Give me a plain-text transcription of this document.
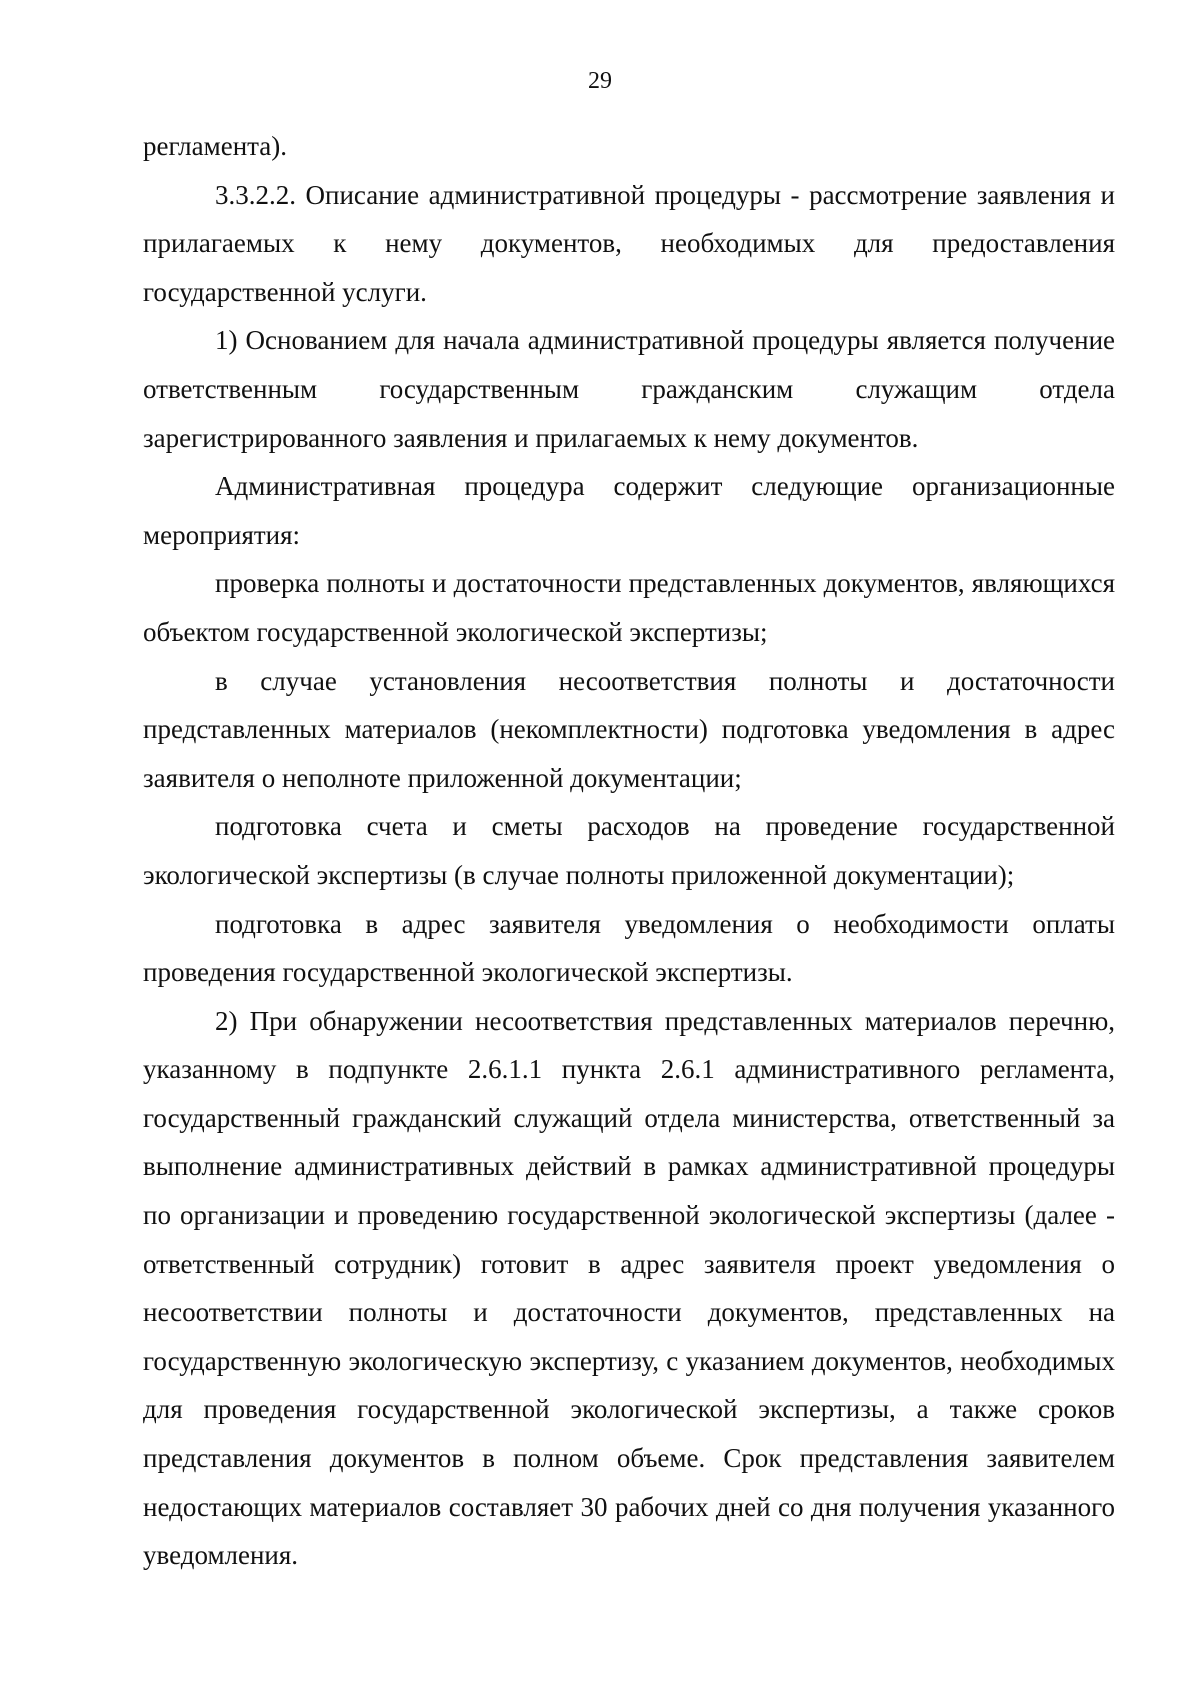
29

регламента).

3.3.2.2. Описание административной процедуры - рассмотрение заявления и прилагаемых к нему документов, необходимых для предоставления государственной услуги.

1) Основанием для начала административной процедуры является получение ответственным государственным гражданским служащим отдела зарегистрированного заявления и прилагаемых к нему документов.

Административная процедура содержит следующие организационные мероприятия:

проверка полноты и достаточности представленных документов, являющихся объектом государственной экологической экспертизы;

в случае установления несоответствия полноты и достаточности представленных материалов (некомплектности) подготовка уведомления в адрес заявителя о неполноте приложенной документации;

подготовка счета и сметы расходов на проведение государственной экологической экспертизы (в случае полноты приложенной документации);

подготовка в адрес заявителя уведомления о необходимости оплаты проведения государственной экологической экспертизы.

2) При обнаружении несоответствия представленных материалов перечню, указанному в подпункте 2.6.1.1 пункта 2.6.1 административного регламента, государственный гражданский служащий отдела министерства, ответственный за выполнение административных действий в рамках административной процедуры по организации и проведению государственной экологической экспертизы (далее - ответственный сотрудник) готовит в адрес заявителя проект уведомления о несоответствии полноты и достаточности документов, представленных на государственную экологическую экспертизу, с указанием документов, необходимых для проведения государственной экологической экспертизы, а также сроков представления документов в полном объеме. Срок представления заявителем недостающих материалов составляет 30 рабочих дней со дня получения указанного уведомления.
